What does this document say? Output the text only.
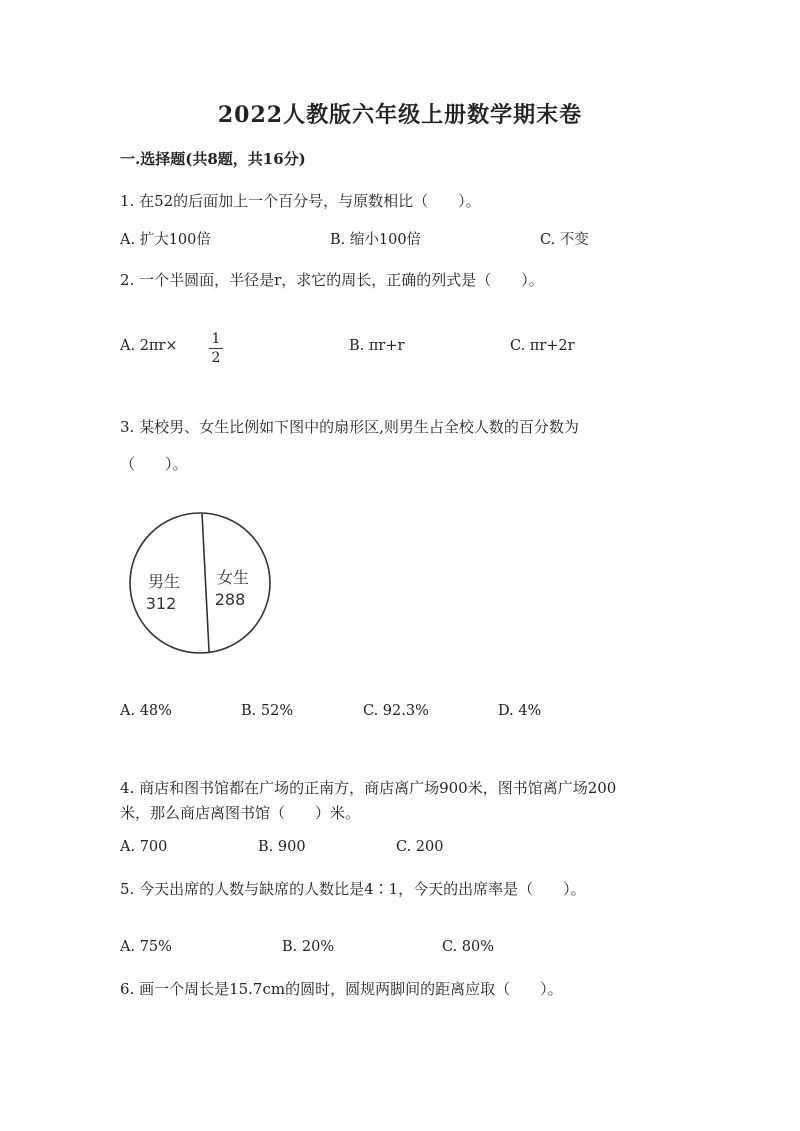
2022人教版六年级上册数学期末卷
一.选择题(共8题，共16分)
1. 在52的后面加上一个百分号，与原数相比（　　）。
A. 扩大100倍	B. 缩小100倍	C. 不变
2. 一个半圆面，半径是r，求它的周长，正确的列式是（　　）。
A. 2πr× 1
2
B. πr+r	C. πr+2r
3. 某校男、女生比例如下图中的扇形区,则男生占全校人数的百分数为
（　　）。
男生
312
女生
288
A. 48%	B. 52%	C. 92.3%	D. 4%
4. 商店和图书馆都在广场的正南方，商店离广场900米，图书馆离广场200
米，那么商店离图书馆（　　）米。
A. 700	B. 900	C. 200
5. 今天出席的人数与缺席的人数比是4∶1，今天的出席率是（　　）。
A. 75%	B. 20%	C. 80%
6. 画一个周长是15.7cm的圆时，圆规两脚间的距离应取（　　）。
